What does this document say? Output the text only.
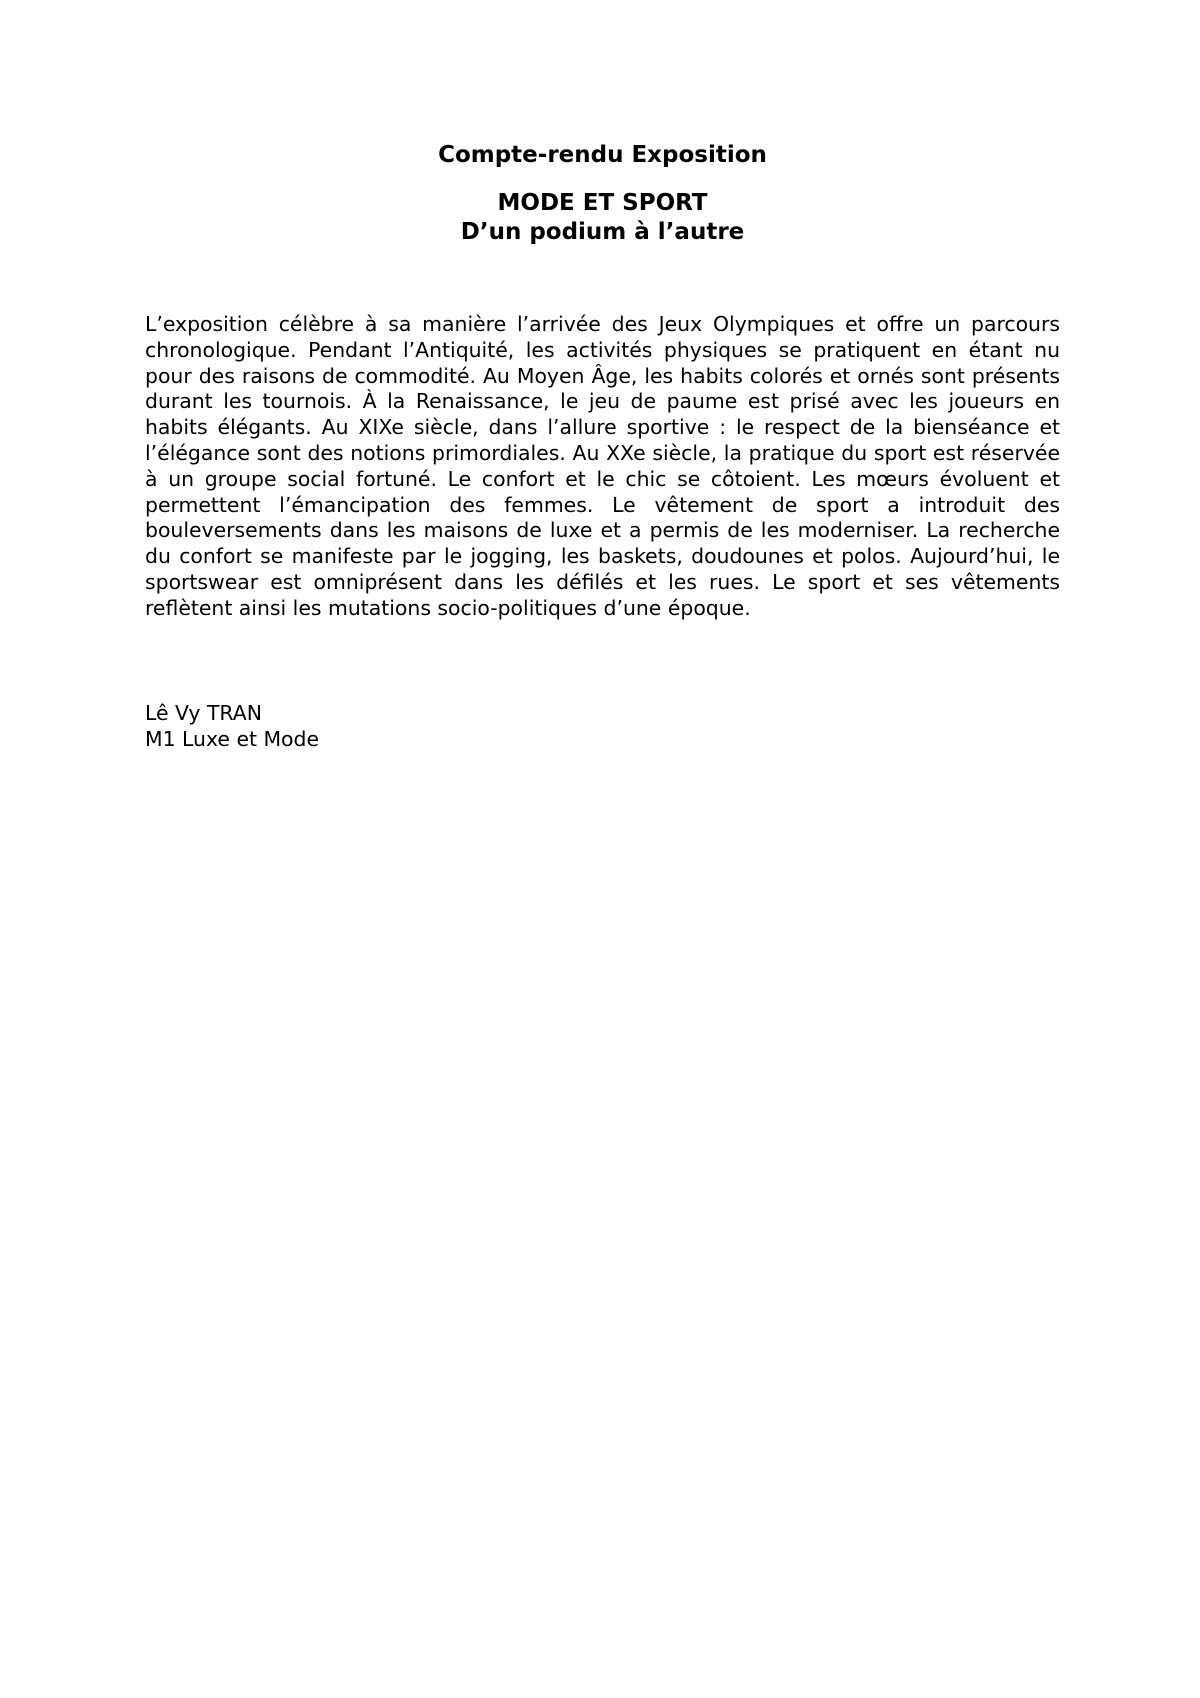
Compte-rendu Exposition
MODE ET SPORT
D’un podium à l’autre

L’exposition célèbre à sa manière l’arrivée des Jeux Olympiques et offre un parcours chronologique. Pendant l’Antiquité, les activités physiques se pratiquent en étant nu pour des raisons de commodité. Au Moyen Âge, les habits colorés et ornés sont présents durant les tournois. À la Renaissance, le jeu de paume est prisé avec les joueurs en habits élégants. Au XIXe siècle, dans l’allure sportive : le respect de la bienséance et l’élégance sont des notions primordiales. Au XXe siècle, la pratique du sport est réservée à un groupe social fortuné. Le confort et le chic se côtoient. Les mœurs évoluent et permettent l’émancipation des femmes. Le vêtement de sport a introduit des bouleversements dans les maisons de luxe et a permis de les moderniser. La recherche du confort se manifeste par le jogging, les baskets, doudounes et polos. Aujourd’hui, le sportswear est omniprésent dans les défilés et les rues. Le sport et ses vêtements reflètent ainsi les mutations socio-politiques d’une époque.

Lê Vy TRAN
M1 Luxe et Mode
